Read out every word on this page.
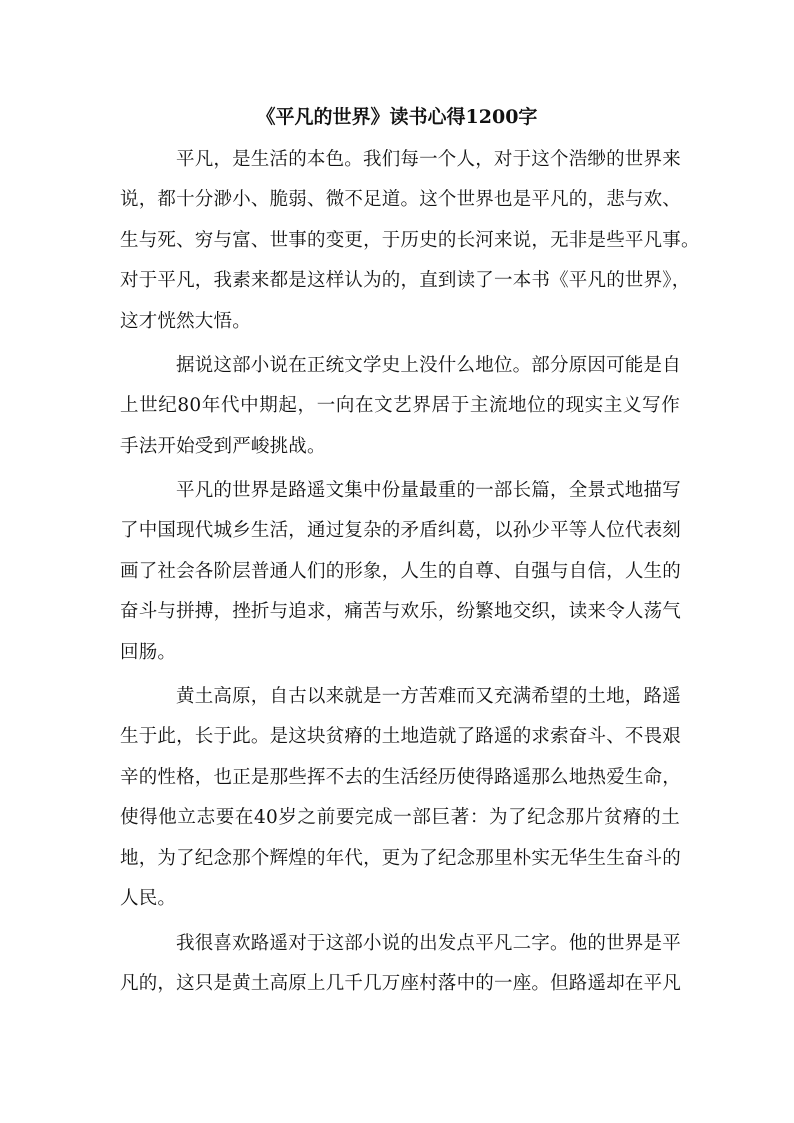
《平凡的世界》读书心得1200字
平凡，是生活的本色。我们每一个人，对于这个浩缈的世界来
说，都十分渺小、脆弱、微不足道。这个世界也是平凡的，悲与欢、
生与死、穷与富、世事的变更，于历史的长河来说，无非是些平凡事。
对于平凡，我素来都是这样认为的，直到读了一本书《平凡的世界》，
这才恍然大悟。
据说这部小说在正统文学史上没什么地位。部分原因可能是自
上世纪80年代中期起，一向在文艺界居于主流地位的现实主义写作
手法开始受到严峻挑战。
平凡的世界是路遥文集中份量最重的一部长篇，全景式地描写
了中国现代城乡生活，通过复杂的矛盾纠葛，以孙少平等人位代表刻
画了社会各阶层普通人们的形象，人生的自尊、自强与自信，人生的
奋斗与拼搏，挫折与追求，痛苦与欢乐，纷繁地交织，读来令人荡气
回肠。
黄土高原，自古以来就是一方苦难而又充满希望的土地，路遥
生于此，长于此。是这块贫瘠的土地造就了路遥的求索奋斗、不畏艰
辛的性格，也正是那些挥不去的生活经历使得路遥那么地热爱生命，
使得他立志要在40岁之前要完成一部巨著：为了纪念那片贫瘠的土
地，为了纪念那个辉煌的年代，更为了纪念那里朴实无华生生奋斗的
人民。
我很喜欢路遥对于这部小说的出发点平凡二字。他的世界是平
凡的，这只是黄土高原上几千几万座村落中的一座。但路遥却在平凡
